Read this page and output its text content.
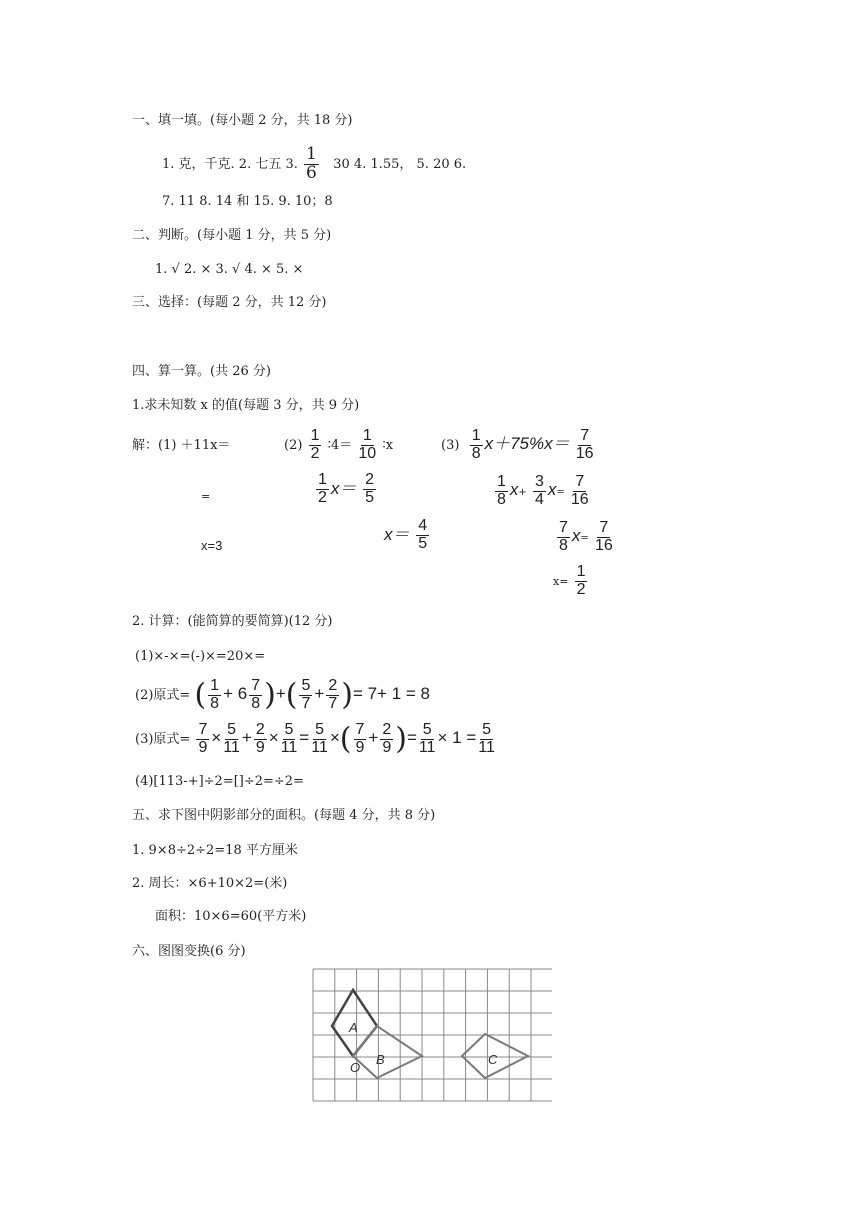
一、填一填。(每小题 2 分，共 18 分)
1. 克，千克. 2. 七五 3. $\frac{1}{6} 30$ 4. 1.55， 5. 20 6.
7. 11 8. 14 和 15. 9. 10；8
二、判断。(每小题 1 分，共 5 分)
1. √ 2. × 3. √ 4. × 5. ×
三、选择：(每题 2 分，共 12 分)
四、算一算。(共 26 分)
1.求未知数 x 的值(每题 3 分，共 9 分)
解：(1) ＋11x＝
=
x=3
$(2) \frac{1}{2}$ ∶4＝ $\frac{1}{10}$ ∶x
$\frac{1}{2} x= \frac{2}{5}$
$x= \frac{4}{5}$
$(3) \frac{1}{8} x+75\%x= \frac{7}{16}$
$\frac{1}{8} x+ \frac{3}{4} x= \frac{7}{16}$
$\frac{7}{8} x= \frac{7}{16}$
$x= \frac{1}{2}$
2. 计算：(能简算的要简算)(12 分)
(1)×-×=(-)×=20×=
(2)原式= ( $\frac{1}{8} + 6 \frac{7}{8}$ )+( $\frac{5}{7} + \frac{2}{7}$ )= 7+ 1 = 8
(3)原式= $\frac{7}{9} \times \frac{5}{11} + \frac{2}{9} \times \frac{5}{11} = \frac{5}{11}$ ×( $\frac{7}{9} + \frac{2}{9}$ )= $\frac{5}{11} \times 1 = \frac{5}{11}$
(4)[113-+]÷2=[]÷2=÷2=
五、求下图中阴影部分的面积。(每题 4 分，共 8 分)
1. 9×8÷2÷2=18 平方厘米
2. 周长：×6+10×2=(米)
面积：10×6=60(平方米)
六、图图变换(6 分)
A
B	C
O
